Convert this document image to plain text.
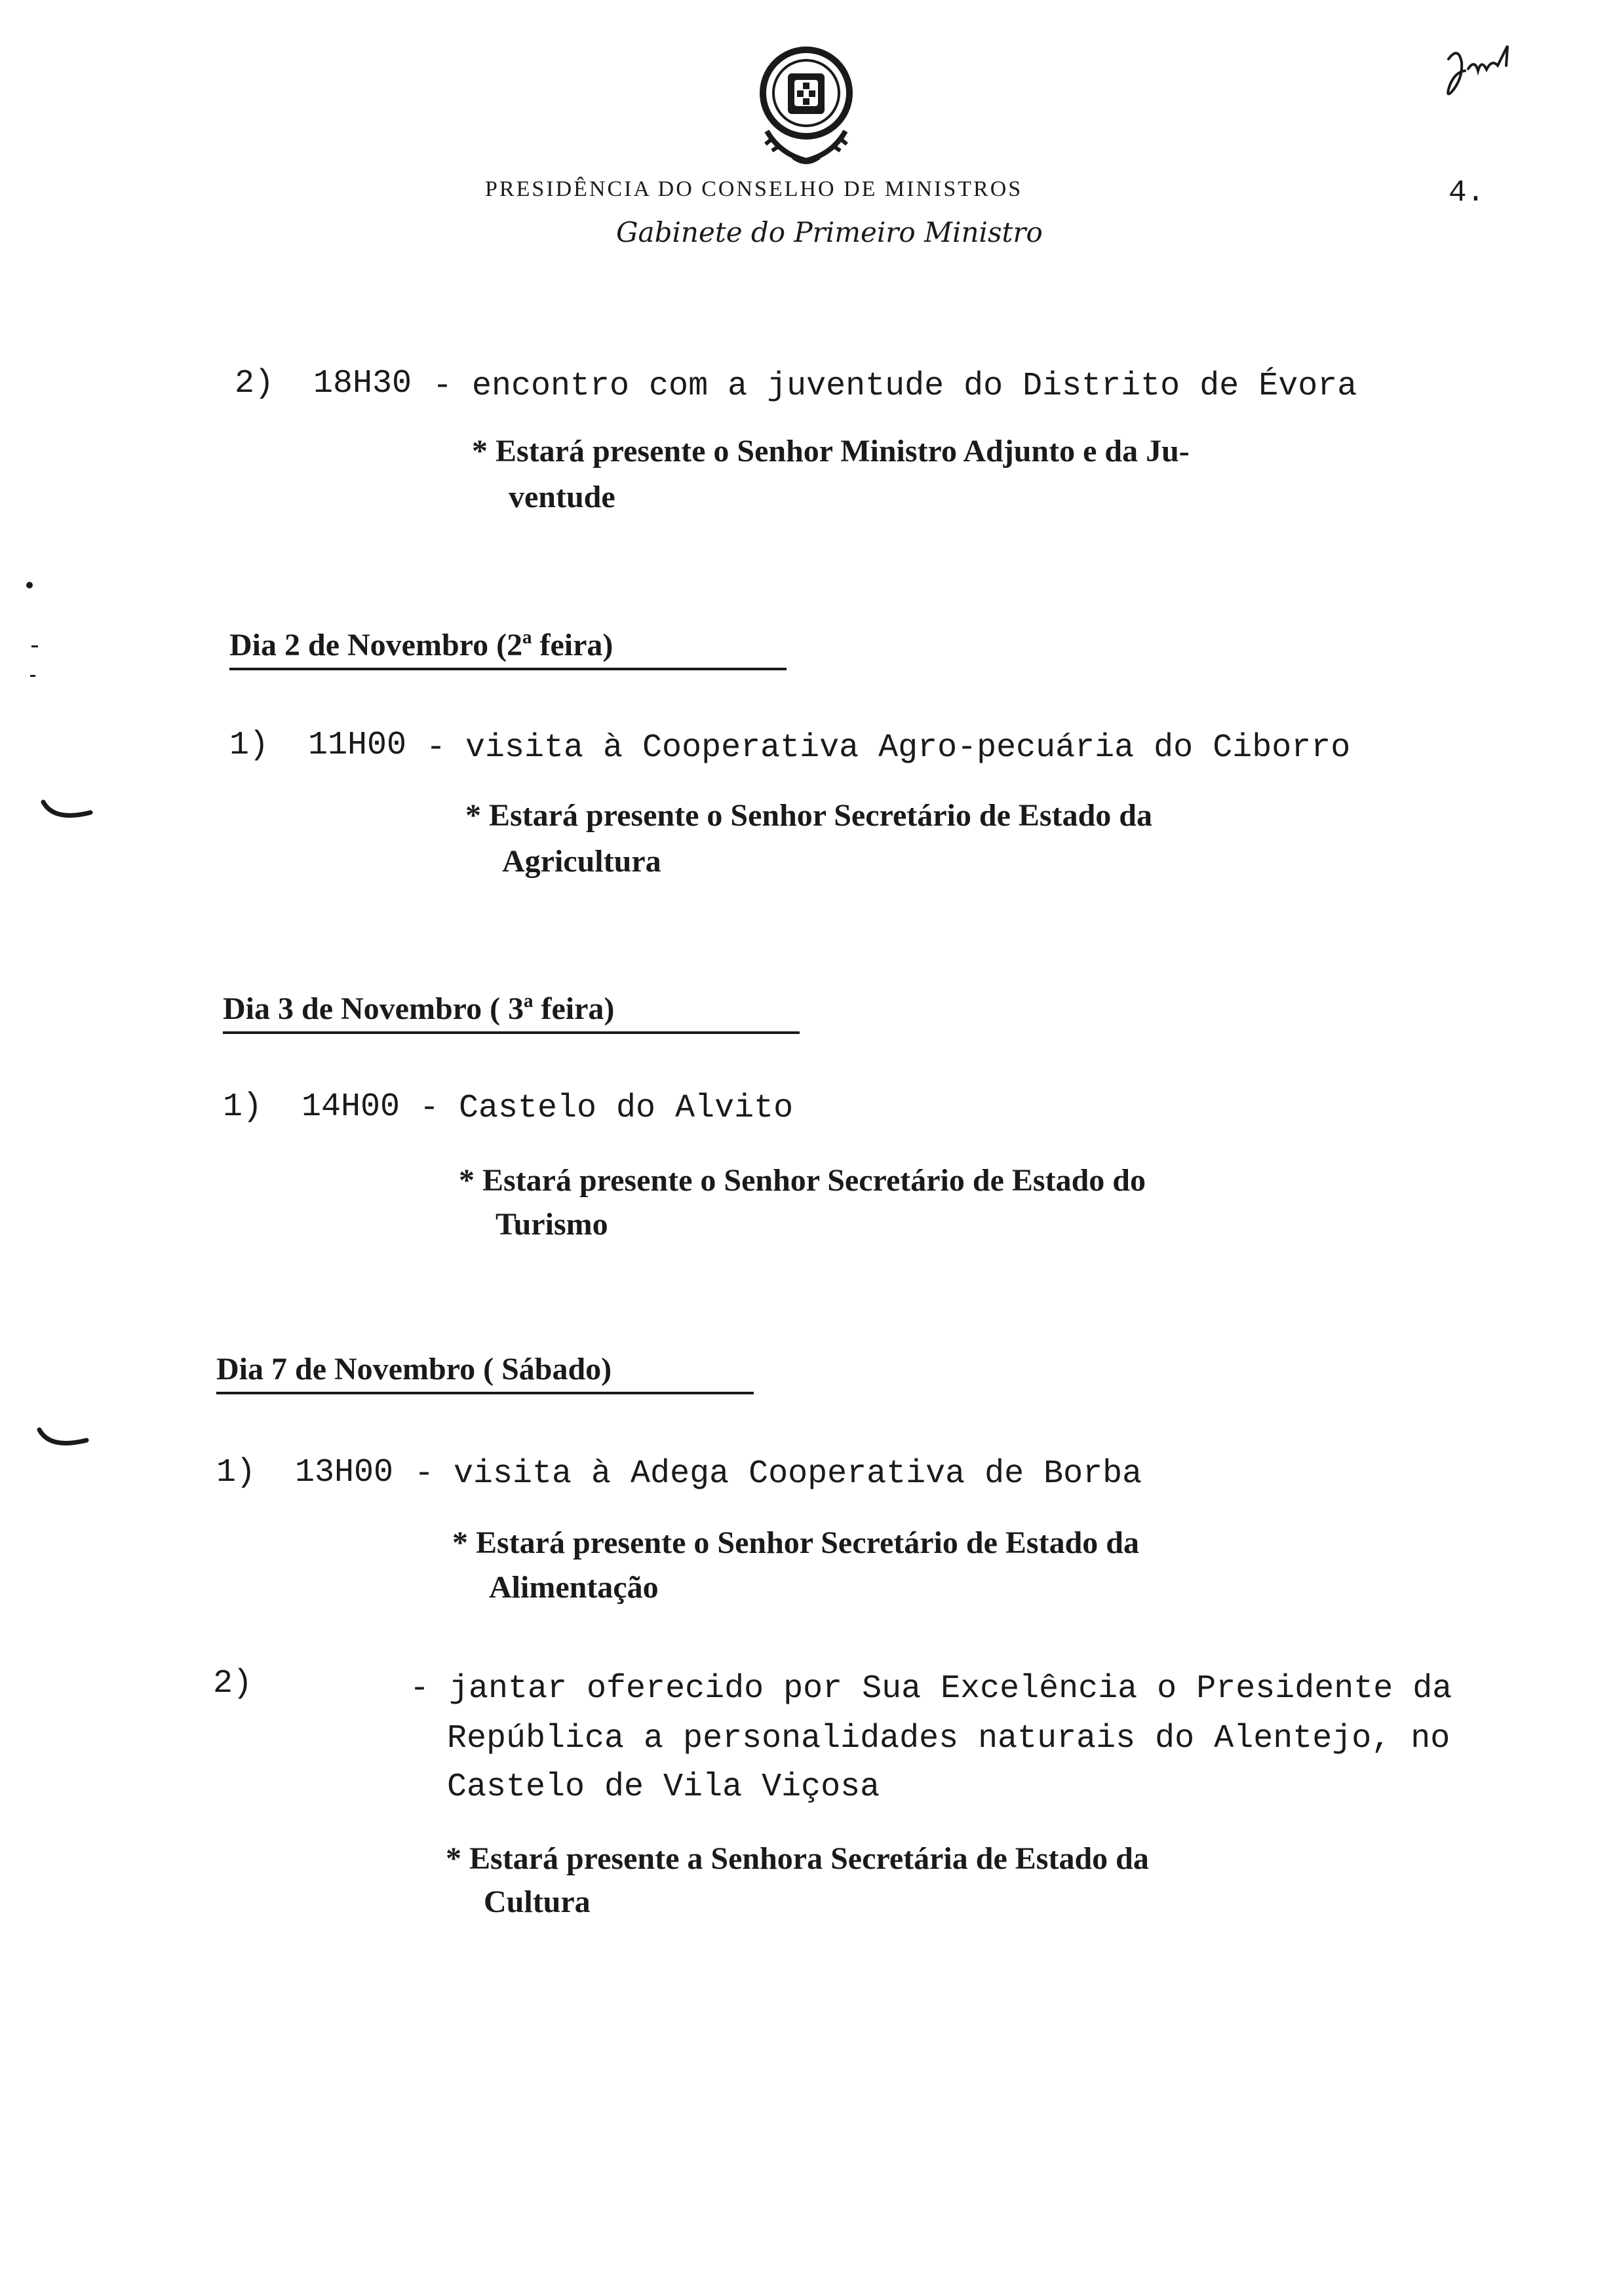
PRESIDÊNCIA DO CONSELHO DE MINISTROS	4.
Gabinete do Primeiro Ministro
2) 18H30 - encontro com a juventude do Distrito de Évora
* Estará presente o Senhor Ministro Adjunto e da Ju-
ventude
Dia 2 de Novembro (2ª feira)
1) 11H00 - visita à Cooperativa Agro-pecuária do Ciborro
* Estará presente o Senhor Secretário de Estado da
Agricultura
Dia 3 de Novembro ( 3ª feira)
1) 14H00 - Castelo do Alvito
* Estará presente o Senhor Secretário de Estado do
Turismo
Dia 7 de Novembro ( Sábado)
1) 13H00 - visita à Adega Cooperativa de Borba
* Estará presente o Senhor Secretário de Estado da
Alimentação
2)	- jantar oferecido por Sua Excelência o Presidente da
República a personalidades naturais do Alentejo, no
Castelo de Vila Viçosa
* Estará presente a Senhora Secretária de Estado da
Cultura
